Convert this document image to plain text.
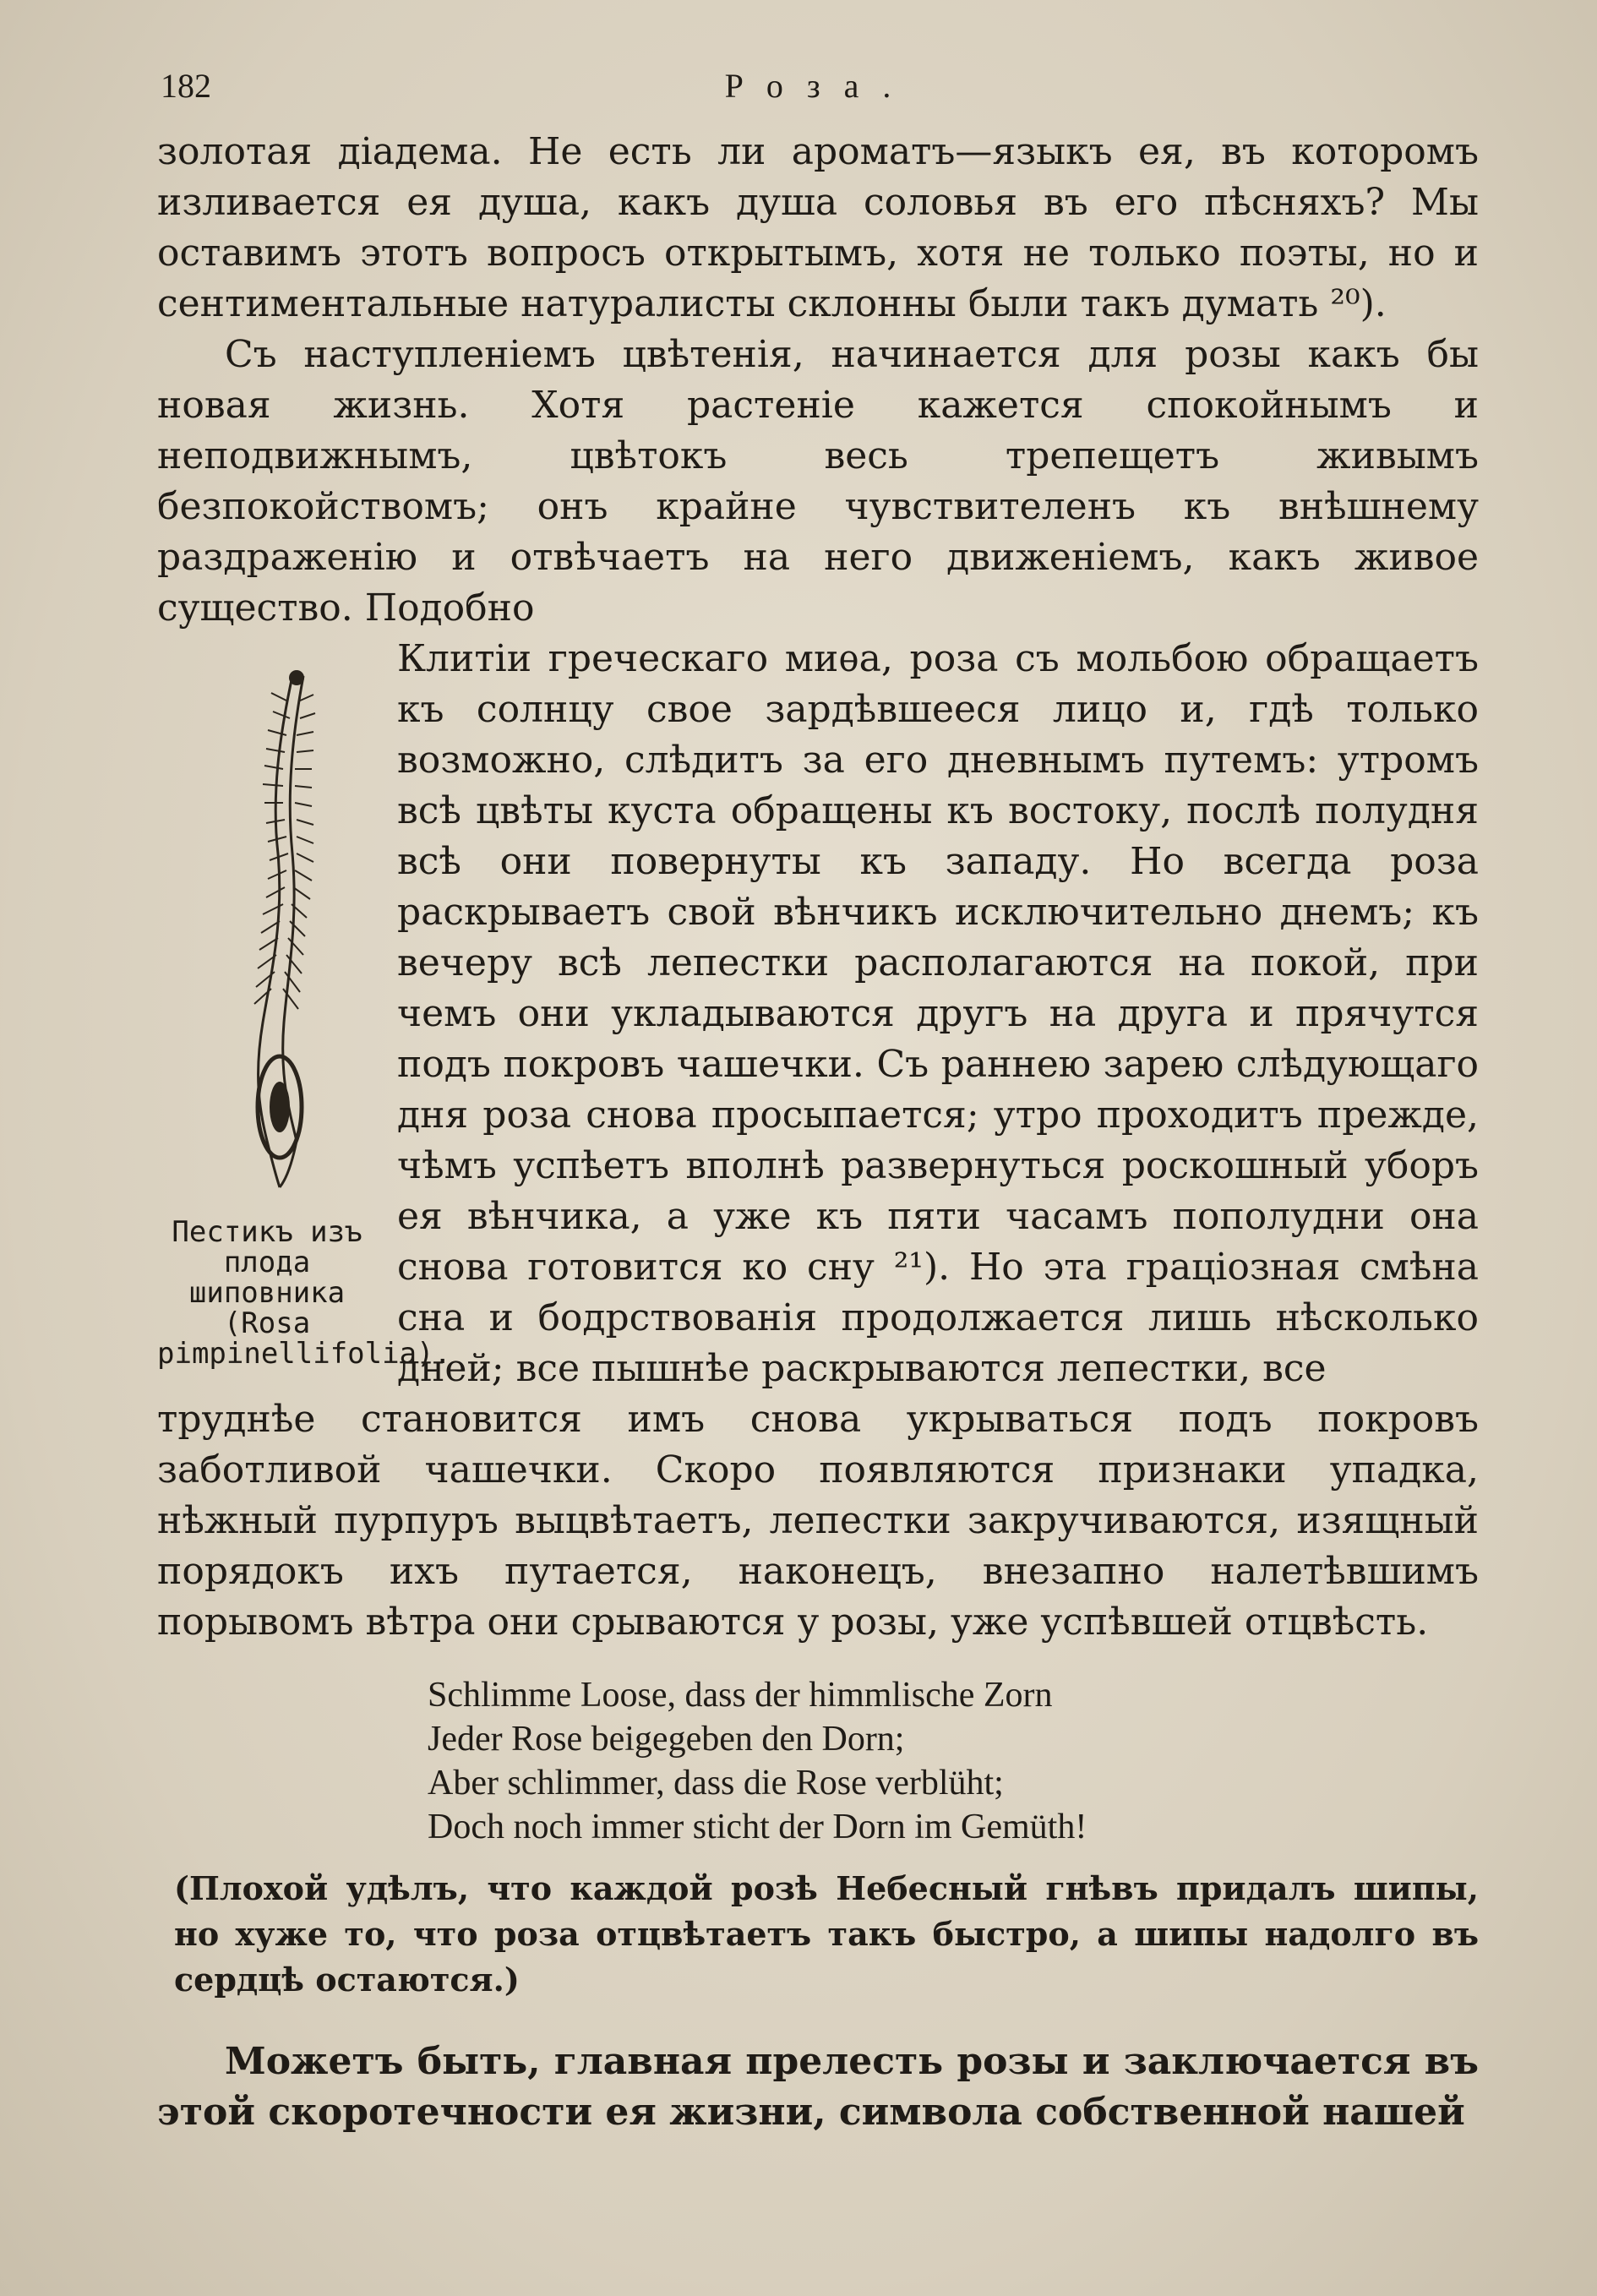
182	Роза.

золотая діадема. Не есть ли ароматъ—языкъ ея, въ которомъ изливается ея душа, какъ душа соловья въ его пѣсняхъ? Мы оставимъ этотъ вопросъ открытымъ, хотя не только поэты, но и сентиментальные натуралисты склонны были такъ думать ²⁰).

Съ наступленіемъ цвѣтенія, начинается для розы какъ бы новая жизнь. Хотя растеніе кажется спокойнымъ и неподвижнымъ, цвѣтокъ весь трепещетъ живымъ безпокойствомъ; онъ крайне чувствителенъ къ внѣшнему раздраженію и отвѣчаетъ на него движеніемъ, какъ живое существо. Подобно

Пестикъ изъ плода шиповника (Rosa pimpinellifolia).

Клитіи греческаго миѳа, роза съ мольбою обращаетъ къ солнцу свое зардѣвшееся лицо и, гдѣ только возможно, слѣдитъ за его дневнымъ путемъ: утромъ всѣ цвѣты куста обращены къ востоку, послѣ полудня всѣ они повернуты къ западу. Но всегда роза раскрываетъ свой вѣнчикъ исключительно днемъ; къ вечеру всѣ лепестки располагаются на покой, при чемъ они укладываются другъ на друга и прячутся подъ покровъ чашечки. Съ раннею зарею слѣдующаго дня роза снова просыпается; утро проходитъ прежде, чѣмъ успѣетъ вполнѣ развернуться роскошный уборъ ея вѣнчика, а уже къ пяти часамъ пополудни она снова готовится ко сну ²¹). Но эта граціозная смѣна сна и бодрствованія продолжается лишь нѣсколько дней; все пышнѣе раскрываются лепестки, все

труднѣе становится имъ снова укрываться подъ покровъ заботливой чашечки. Скоро появляются признаки упадка, нѣжный пурпуръ выцвѣтаетъ, лепестки закручиваются, изящный порядокъ ихъ путается, наконецъ, внезапно налетѣвшимъ порывомъ вѣтра они срываются у розы, уже успѣвшей отцвѣсть.

Schlimme Loose, dass der himmlische Zorn
Jeder Rose beigegeben den Dorn;
Aber schlimmer, dass die Rose verblüht;
Doch noch immer sticht der Dorn im Gemüth!

(Плохой удѣлъ, что каждой розѣ Небесный гнѣвъ придалъ шипы, но хуже то, что роза отцвѣтаетъ такъ быстро, а шипы надолго въ сердцѣ остаются.)

Можетъ быть, главная прелесть розы и заключается въ этой скоротечности ея жизни, символа собственной нашей
